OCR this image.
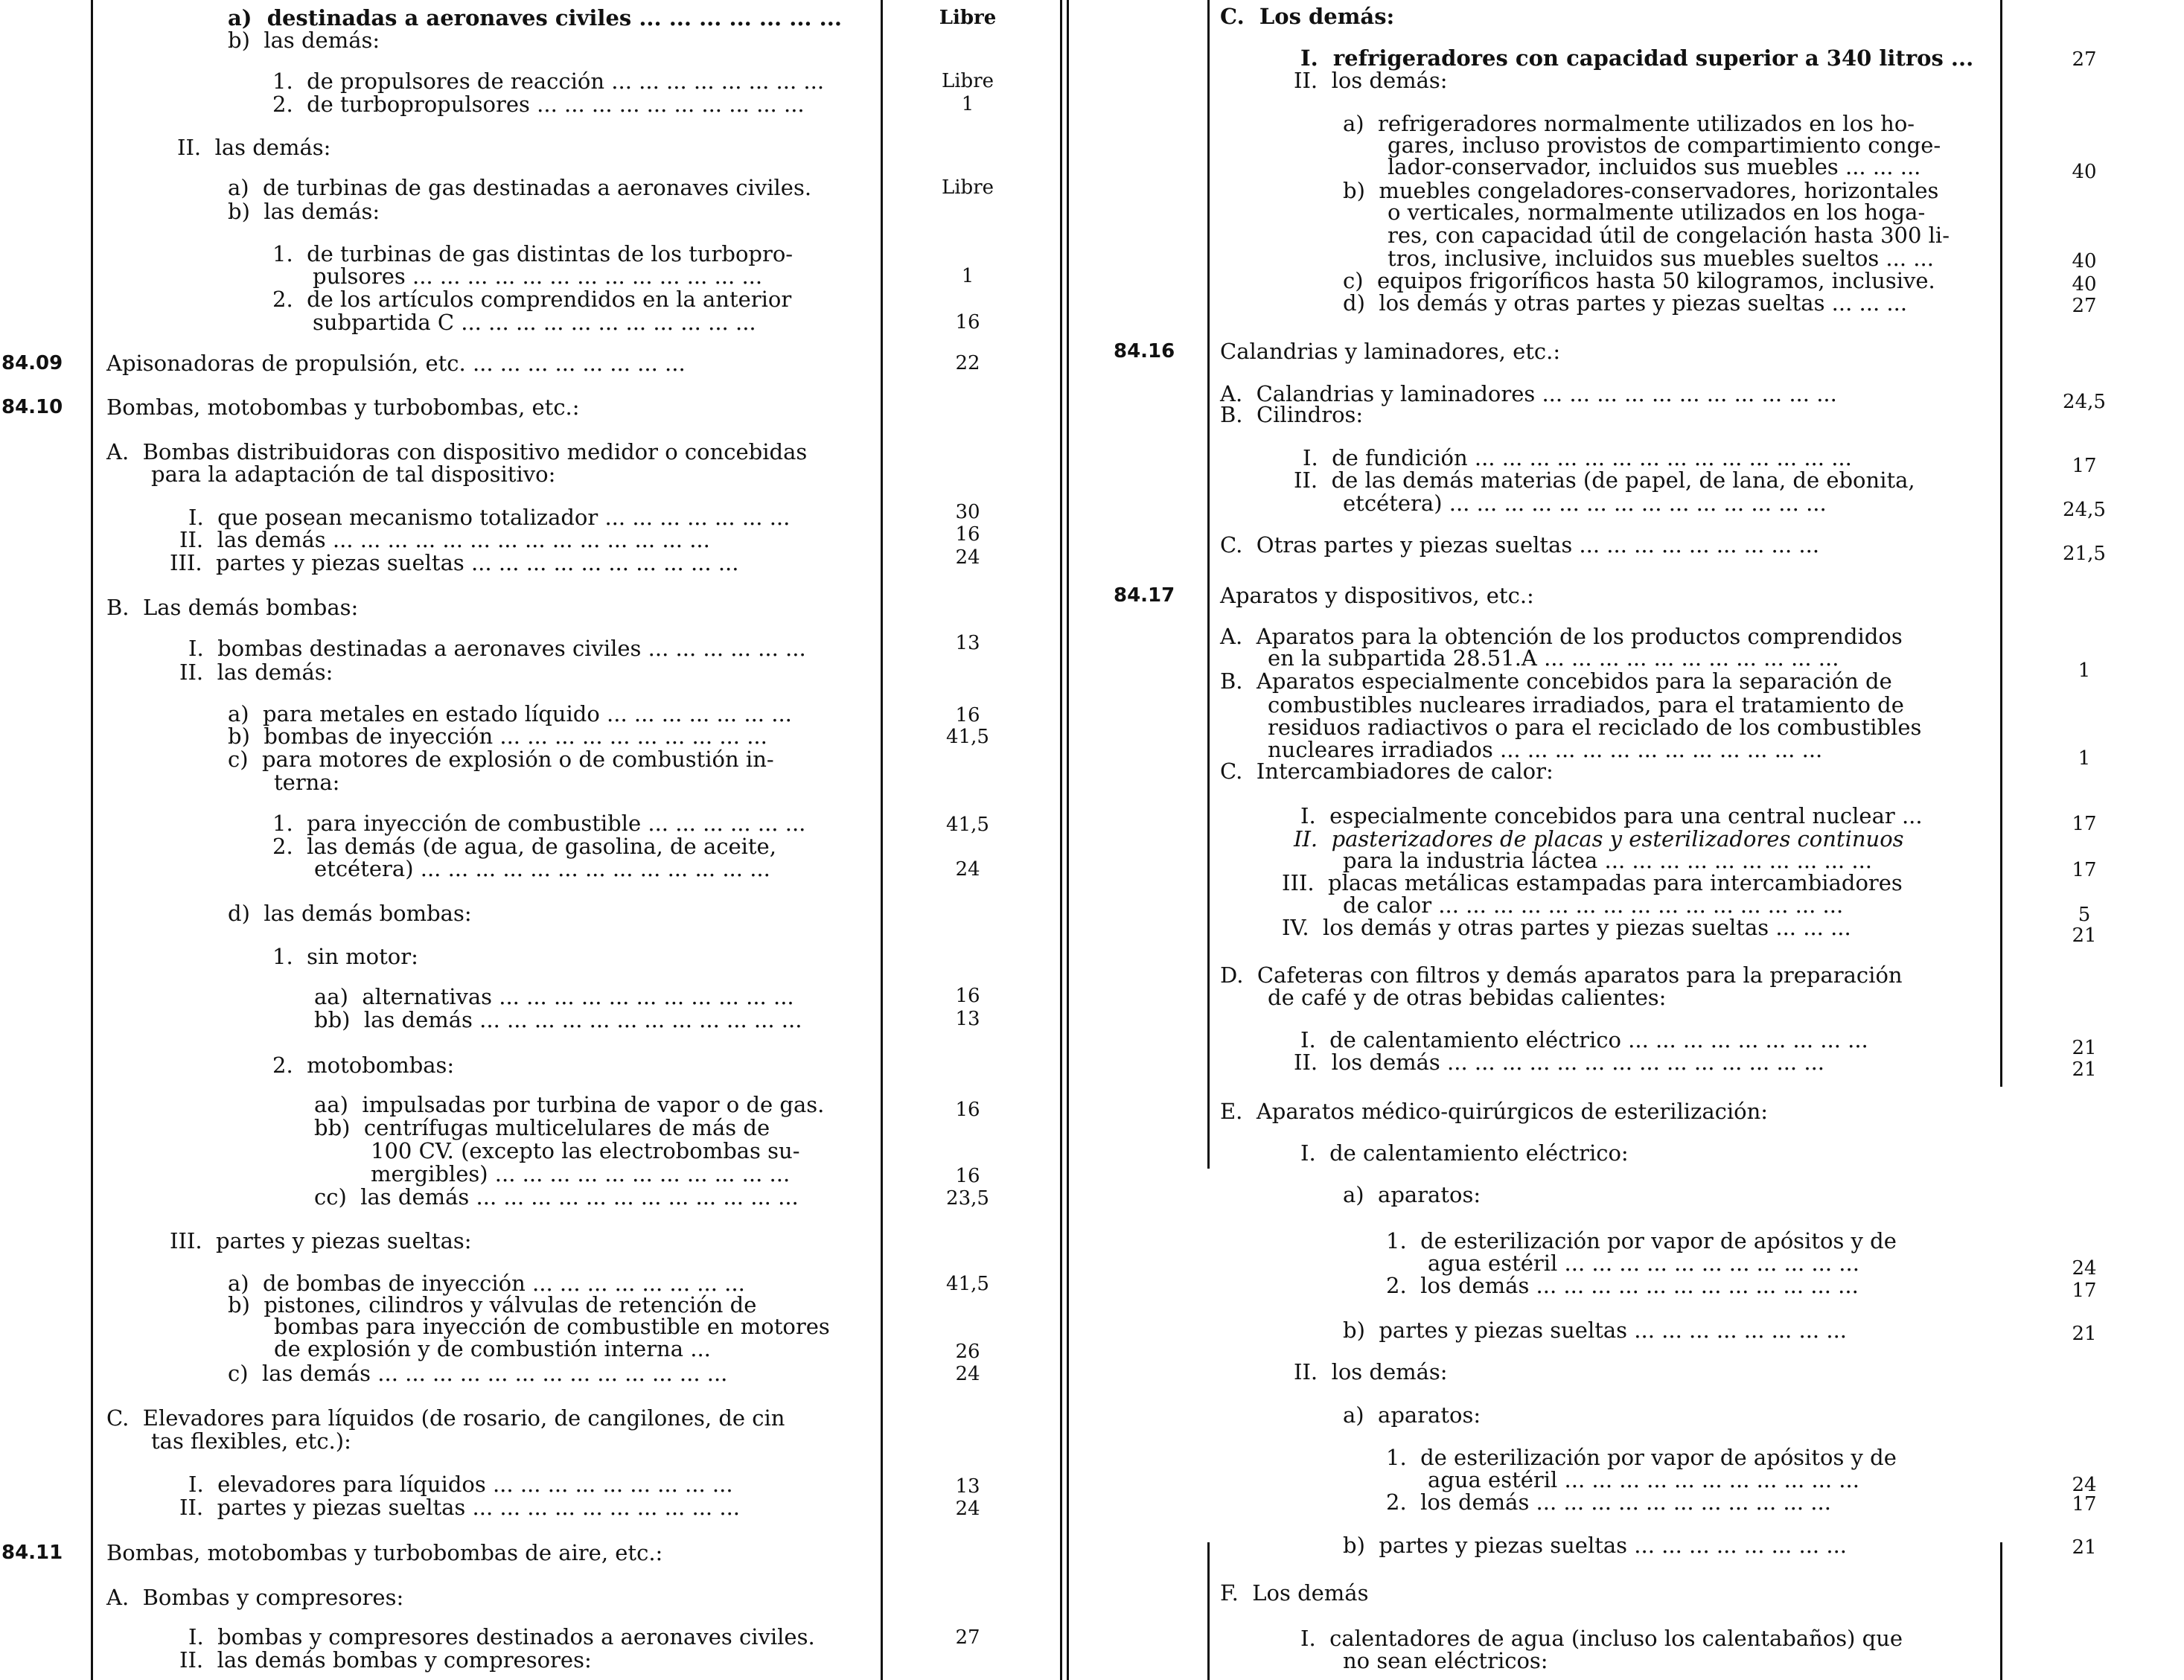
a)  destinadas a aeronaves civiles ... ... ... ... ... ... ...
b)  las demás:
1.  de propulsores de reacción ... ... ... ... ... ... ... ...
2.  de turbopropulsores ... ... ... ... ... ... ... ... ... ...
II.  las demás:
a)  de turbinas de gas destinadas a aeronaves civiles.
b)  las demás:
1.  de turbinas de gas distintas de los turbopro-
pulsores ... ... ... ... ... ... ... ... ... ... ... ... ...
2.  de los artículos comprendidos en la anterior
subpartida C ... ... ... ... ... ... ... ... ... ... ...
Apisonadoras de propulsión, etc. ... ... ... ... ... ... ... ...
Bombas, motobombas y turbobombas, etc.:
A.  Bombas distribuidoras con dispositivo medidor o concebidas
para la adaptación de tal dispositivo:
I.  que posean mecanismo totalizador ... ... ... ... ... ... ...
II.  las demás ... ... ... ... ... ... ... ... ... ... ... ... ... ...
III.  partes y piezas sueltas ... ... ... ... ... ... ... ... ... ...
B.  Las demás bombas:
I.  bombas destinadas a aeronaves civiles ... ... ... ... ... ...
II.  las demás:
a)  para metales en estado líquido ... ... ... ... ... ... ...
b)  bombas de inyección ... ... ... ... ... ... ... ... ... ...
c)  para motores de explosión o de combustión in-
terna:
1.  para inyección de combustible ... ... ... ... ... ...
2.  las demás (de agua, de gasolina, de aceite,
etcétera) ... ... ... ... ... ... ... ... ... ... ... ... ...
d)  las demás bombas:
1.  sin motor:
aa)  alternativas ... ... ... ... ... ... ... ... ... ... ...
bb)  las demás ... ... ... ... ... ... ... ... ... ... ... ...
2.  motobombas:
aa)  impulsadas por turbina de vapor o de gas.
bb)  centrífugas multicelulares de más de
100 CV. (excepto las electrobombas su-
mergibles) ... ... ... ... ... ... ... ... ... ... ...
cc)  las demás ... ... ... ... ... ... ... ... ... ... ... ...
III.  partes y piezas sueltas:
a)  de bombas de inyección ... ... ... ... ... ... ... ...
b)  pistones, cilindros y válvulas de retención de
bombas para inyección de combustible en motores
de explosión y de combustión interna ...
c)  las demás ... ... ... ... ... ... ... ... ... ... ... ... ...
C.  Elevadores para líquidos (de rosario, de cangilones, de cin
tas flexibles, etc.):
I.  elevadores para líquidos ... ... ... ... ... ... ... ... ...
II.  partes y piezas sueltas ... ... ... ... ... ... ... ... ... ...
Bombas, motobombas y turbobombas de aire, etc.:
A.  Bombas y compresores:
I.  bombas y compresores destinados a aeronaves civiles.
II.  las demás bombas y compresores:
84.09
84.10
84.11
Libre
Libre
1
Libre
1
16
22
30
16
24
13
16
41,5
41,5
24
16
13
16
16
23,5
41,5
26
24
13
24
27
C.  Los demás:
I.  refrigeradores con capacidad superior a 340 litros ...
II.  los demás:
a)  refrigeradores normalmente utilizados en los ho-
gares, incluso provistos de compartimiento conge-
lador-conservador, incluidos sus muebles ... ... ...
b)  muebles congeladores-conservadores, horizontales
o verticales, normalmente utilizados en los hoga-
res, con capacidad útil de congelación hasta 300 li-
tros, inclusive, incluidos sus muebles sueltos ... ...
c)  equipos frigoríficos hasta 50 kilogramos, inclusive.
d)  los demás y otras partes y piezas sueltas ... ... ...
Calandrias y laminadores, etc.:
A.  Calandrias y laminadores ... ... ... ... ... ... ... ... ... ... ...
B.  Cilindros:
I.  de fundición ... ... ... ... ... ... ... ... ... ... ... ... ... ...
II.  de las demás materias (de papel, de lana, de ebonita,
etcétera) ... ... ... ... ... ... ... ... ... ... ... ... ... ...
C.  Otras partes y piezas sueltas ... ... ... ... ... ... ... ... ...
Aparatos y dispositivos, etc.:
A.  Aparatos para la obtención de los productos comprendidos
en la subpartida 28.51.A ... ... ... ... ... ... ... ... ... ... ...
B.  Aparatos especialmente concebidos para la separación de
combustibles nucleares irradiados, para el tratamiento de
residuos radiactivos o para el reciclado de los combustibles
nucleares irradiados ... ... ... ... ... ... ... ... ... ... ... ...
C.  Intercambiadores de calor:
I.  especialmente concebidos para una central nuclear ...
II.  pasterizadores de placas y esterilizadores continuos
para la industria láctea ... ... ... ... ... ... ... ... ... ...
III.  placas metálicas estampadas para intercambiadores
de calor ... ... ... ... ... ... ... ... ... ... ... ... ... ... ...
IV.  los demás y otras partes y piezas sueltas ... ... ...
D.  Cafeteras con filtros y demás aparatos para la preparación
de café y de otras bebidas calientes:
I.  de calentamiento eléctrico ... ... ... ... ... ... ... ... ...
II.  los demás ... ... ... ... ... ... ... ... ... ... ... ... ... ...
E.  Aparatos médico-quirúrgicos de esterilización:
I.  de calentamiento eléctrico:
a)  aparatos:
1.  de esterilización por vapor de apósitos y de
agua estéril ... ... ... ... ... ... ... ... ... ... ...
2.  los demás ... ... ... ... ... ... ... ... ... ... ... ...
b)  partes y piezas sueltas ... ... ... ... ... ... ... ...
II.  los demás:
a)  aparatos:
1.  de esterilización por vapor de apósitos y de
agua estéril ... ... ... ... ... ... ... ... ... ... ...
2.  los demás ... ... ... ... ... ... ... ... ... ... ...
b)  partes y piezas sueltas ... ... ... ... ... ... ... ...
F.  Los demás
I.  calentadores de agua (incluso los calentabaños) que
no sean eléctricos:
84.16
84.17
27
40
40
40
27
24,5
17
24,5
21,5
1
1
17
17
5
21
21
21
24
17
21
24
17
21
